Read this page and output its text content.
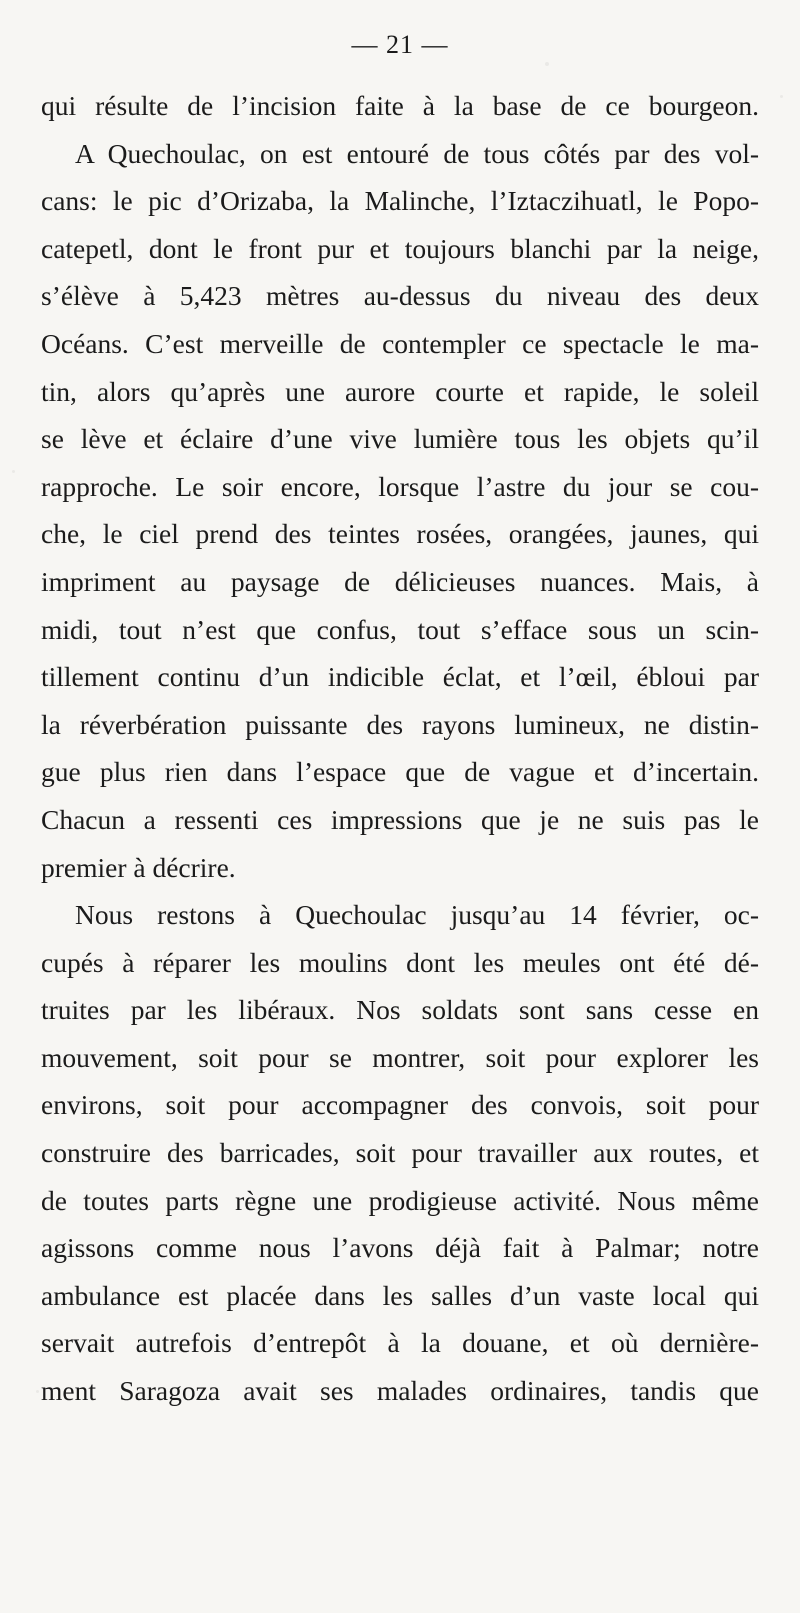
— 21 —
qui résulte de l’incision faite à la base de ce bourgeon.
A Quechoulac, on est entouré de tous côtés par des vol-
cans: le pic d’Orizaba, la Malinche, l’Iztaczihuatl, le Popo-
catepetl, dont le front pur et toujours blanchi par la neige,
s’élève à 5,423 mètres au-dessus du niveau des deux
Océans. C’est merveille de contempler ce spectacle le ma-
tin, alors qu’après une aurore courte et rapide, le soleil
se lève et éclaire d’une vive lumière tous les objets qu’il
rapproche. Le soir encore, lorsque l’astre du jour se cou-
che, le ciel prend des teintes rosées, orangées, jaunes, qui
impriment au paysage de délicieuses nuances. Mais, à
midi, tout n’est que confus, tout s’efface sous un scin-
tillement continu d’un indicible éclat, et l’œil, ébloui par
la réverbération puissante des rayons lumineux, ne distin-
gue plus rien dans l’espace que de vague et d’incertain.
Chacun a ressenti ces impressions que je ne suis pas le
premier à décrire.
Nous restons à Quechoulac jusqu’au 14 février, oc-
cupés à réparer les moulins dont les meules ont été dé-
truites par les libéraux. Nos soldats sont sans cesse en
mouvement, soit pour se montrer, soit pour explorer les
environs, soit pour accompagner des convois, soit pour
construire des barricades, soit pour travailler aux routes, et
de toutes parts règne une prodigieuse activité. Nous même
agissons comme nous l’avons déjà fait à Palmar; notre
ambulance est placée dans les salles d’un vaste local qui
servait autrefois d’entrepôt à la douane, et où dernière-
ment Saragoza avait ses malades ordinaires, tandis que
